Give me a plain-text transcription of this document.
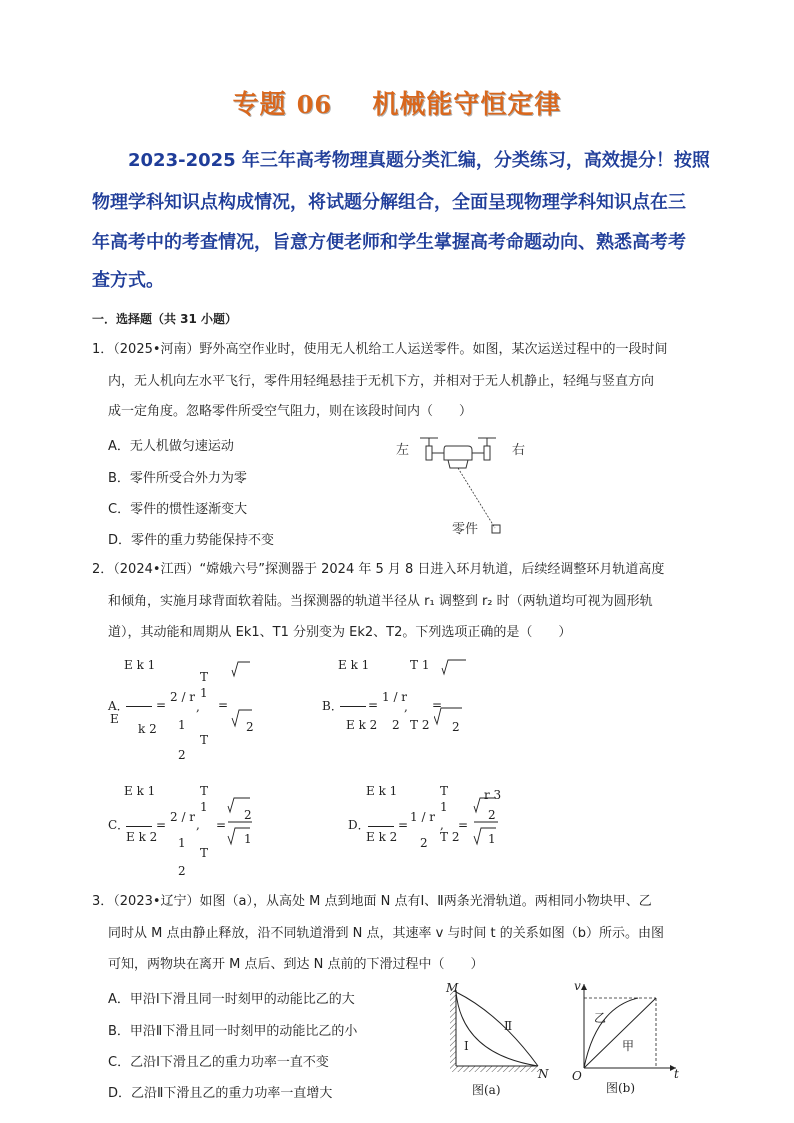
专题 06 机械能守恒定律
2023-2025 年三年高考物理真题分类汇编，分类练习，高效提分！按照
物理学科知识点构成情况，将试题分解组合，全面呈现物理学科知识点在三
年高考中的考查情况，旨意方便老师和学生掌握高考命题动向、熟悉高考考
查方式。
一．选择题（共 31 小题）
1．（2025•河南）野外高空作业时，使用无人机给工人运送零件。如图，某次运送过程中的一段时间
内，无人机向左水平飞行，零件用轻绳悬挂于无机下方，并相对于无人机静止，轻绳与竖直方向
成一定角度。忽略零件所受空气阻力，则在该段时间内（　　）
A．无人机做匀速运动
B．零件所受合外力为零
C．零件的惯性逐渐变大
D．零件的重力势能保持不变
左	右
零件
2．（2024•江西）“嫦娥六号”探测器于 2024 年 5 月 8 日进入环月轨道，后续经调整环月轨道高度
和倾角，实施月球背面软着陆。当探测器的轨道半径从 r₁ 调整到 r₂ 时（两轨道均可视为圆形轨
道），其动能和周期从 Ek1、T1 分别变为 Ek2、T2。下列选项正确的是（　　）
E k 1
A．
E
k 2
=
2 / r
1
T
1
,
T
2
=
2
E k 1
B．
E k 2
=
1 / r
2
,
T 1
T 2
=
2
E k 1
C．
E k 2
=
2 / r
1
T
1
,
T
2
=
2
1
E k 1
D．
E k 2
=
1 / r
2
T
1
,
T 2
=
r 3
2
1
3．（2023•辽宁）如图（a），从高处 M 点到地面 N 点有Ⅰ、Ⅱ两条光滑轨道。两相同小物块甲、乙
同时从 M 点由静止释放，沿不同轨道滑到 N 点，其速率 v 与时间 t 的关系如图（b）所示。由图
可知，两物块在离开 M 点后、到达 N 点前的下滑过程中（　　）
A．甲沿Ⅰ下滑且同一时刻甲的动能比乙的大
B．甲沿Ⅱ下滑且同一时刻甲的动能比乙的小
C．乙沿Ⅰ下滑且乙的重力功率一直不变
D．乙沿Ⅱ下滑且乙的重力功率一直增大
M
N
Ⅰ
Ⅱ
图(a)
v
t
O
乙
甲
图(b)
